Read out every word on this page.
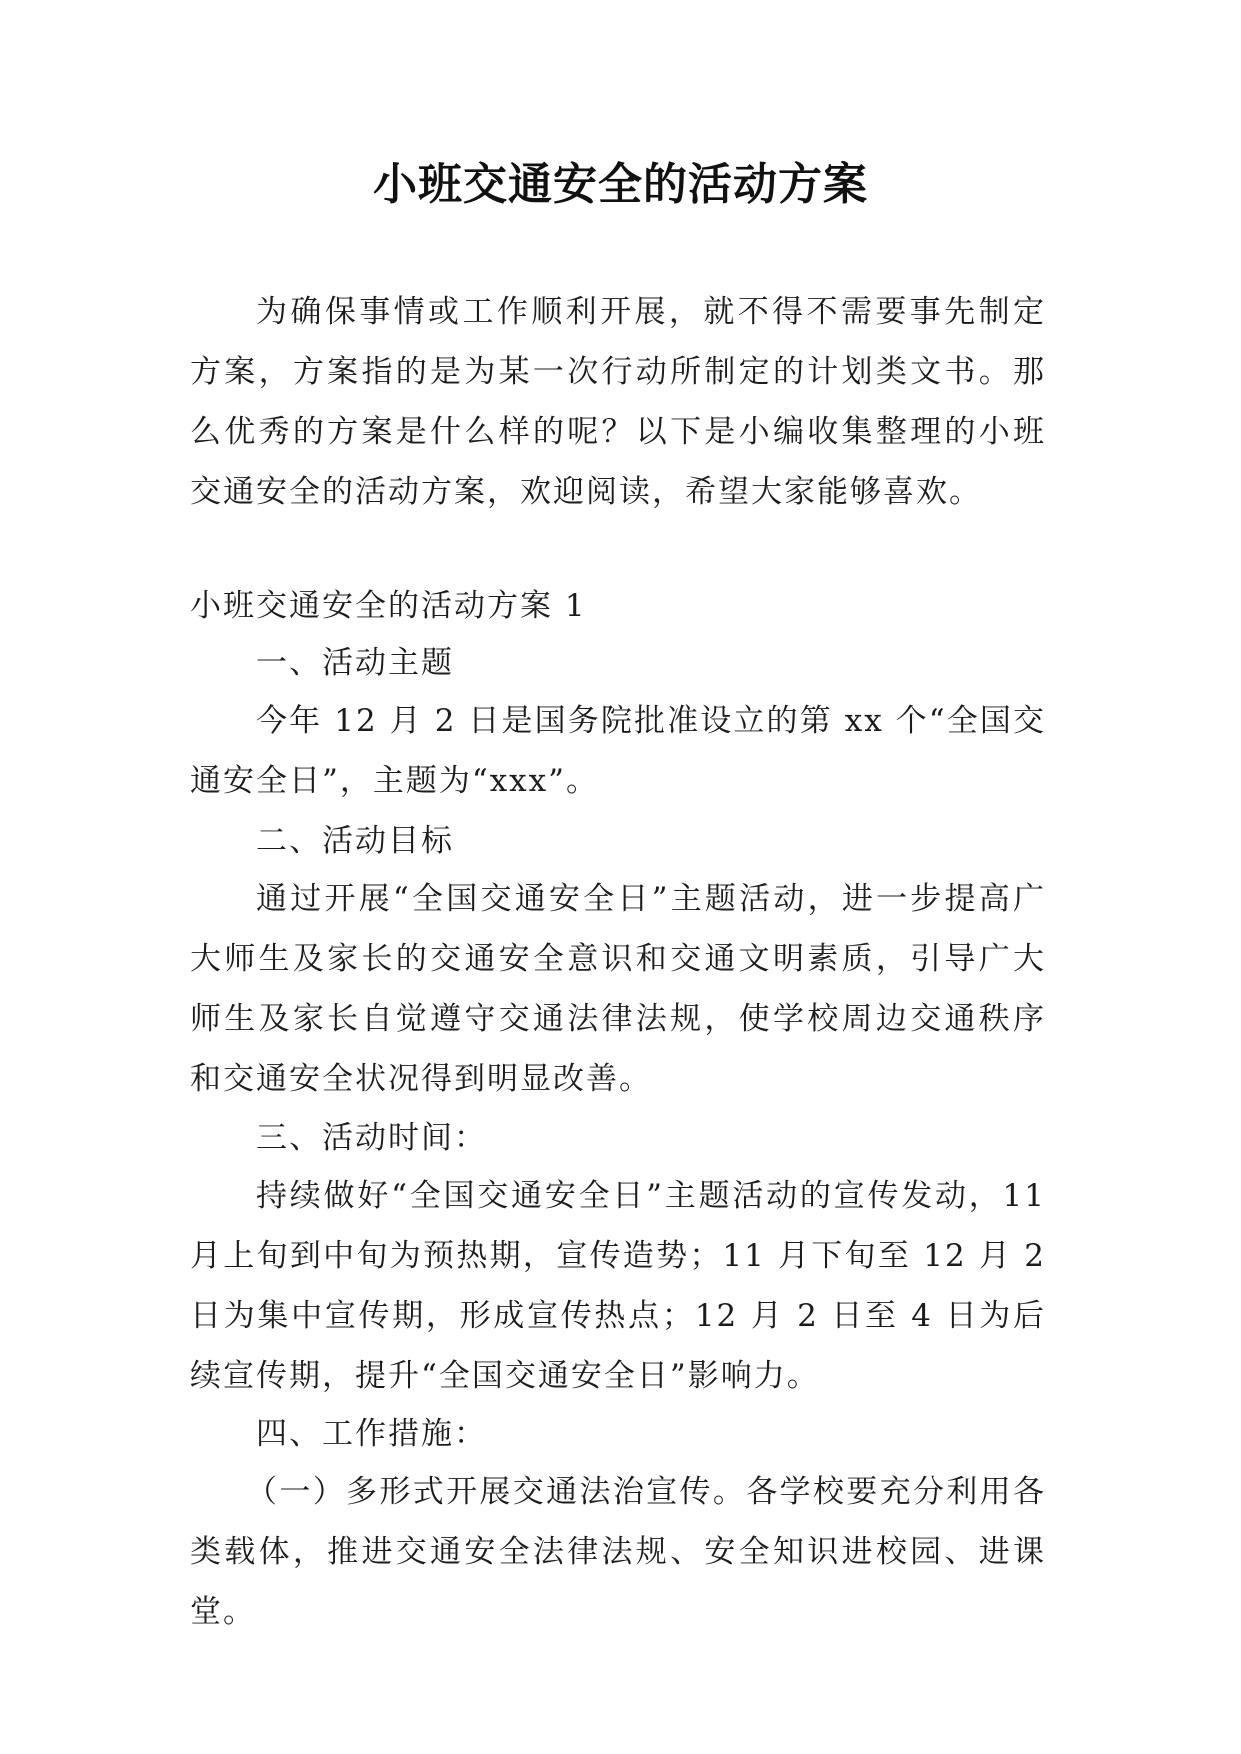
小班交通安全的活动方案
为确保事情或工作顺利开展，就不得不需要事先制定方案，方案指的是为某一次行动所制定的计划类文书。那么优秀的方案是什么样的呢？以下是小编收集整理的小班交通安全的活动方案，欢迎阅读，希望大家能够喜欢。
小班交通安全的活动方案 1
一、活动主题
今年 12 月 2 日是国务院批准设立的第 xx 个“全国交通安全日”，主题为“xxx”。
二、活动目标
通过开展“全国交通安全日”主题活动，进一步提高广大师生及家长的交通安全意识和交通文明素质，引导广大师生及家长自觉遵守交通法律法规，使学校周边交通秩序和交通安全状况得到明显改善。
三、活动时间：
持续做好“全国交通安全日”主题活动的宣传发动，11 月上旬到中旬为预热期，宣传造势；11 月下旬至 12 月 2 日为集中宣传期，形成宣传热点；12 月 2 日至 4 日为后续宣传期，提升“全国交通安全日”影响力。
四、工作措施：
（一）多形式开展交通法治宣传。各学校要充分利用各类载体，推进交通安全法律法规、安全知识进校园、进课堂。
